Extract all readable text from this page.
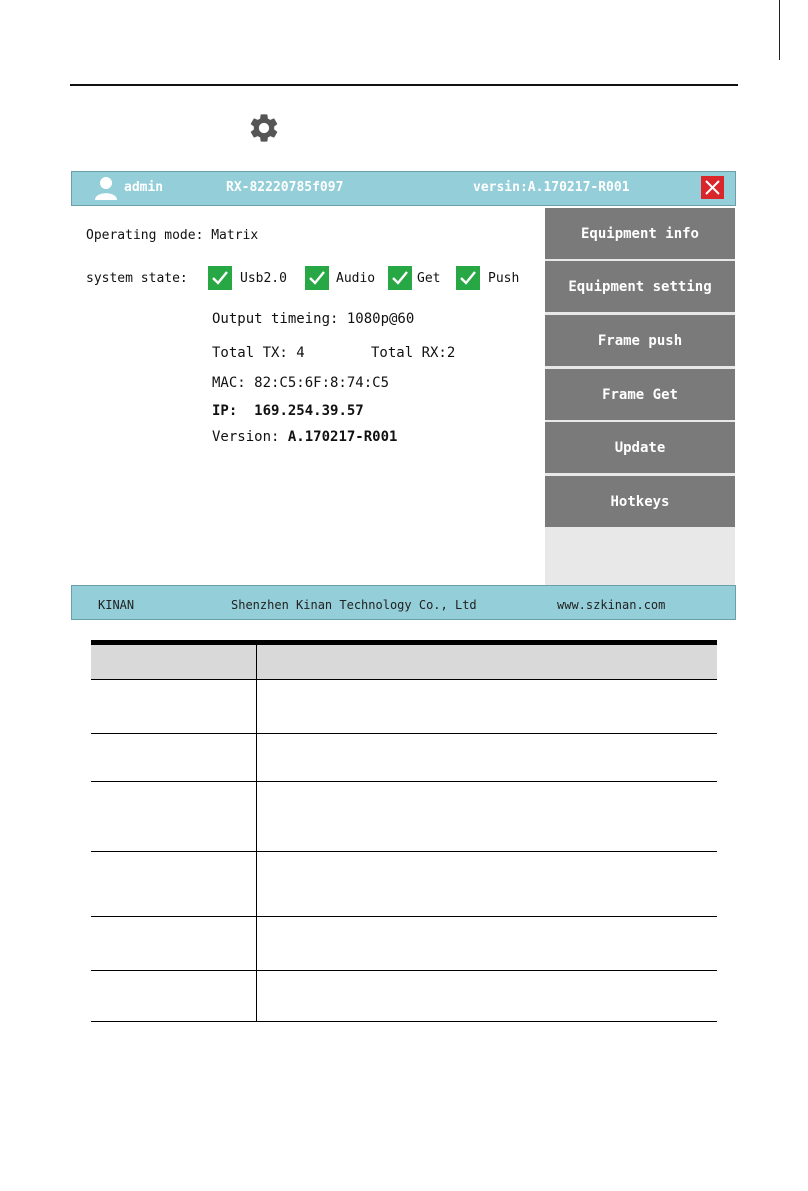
admin	RX-82220785f097	versin:A.170217-R001
Operating mode: Matrix
system state:	Usb2.0	Audio	Get	Push
Output timeing: 1080p@60
Total TX: 4	Total RX:2
MAC: 82:C5:6F:8:74:C5
IP: 169.254.39.57
Version: A.170217-R001
Equipment info
Equipment setting
Frame push
Frame Get
Update
Hotkeys
KINAN	Shenzhen Kinan Technology Co., Ltd	www.szkinan.com
